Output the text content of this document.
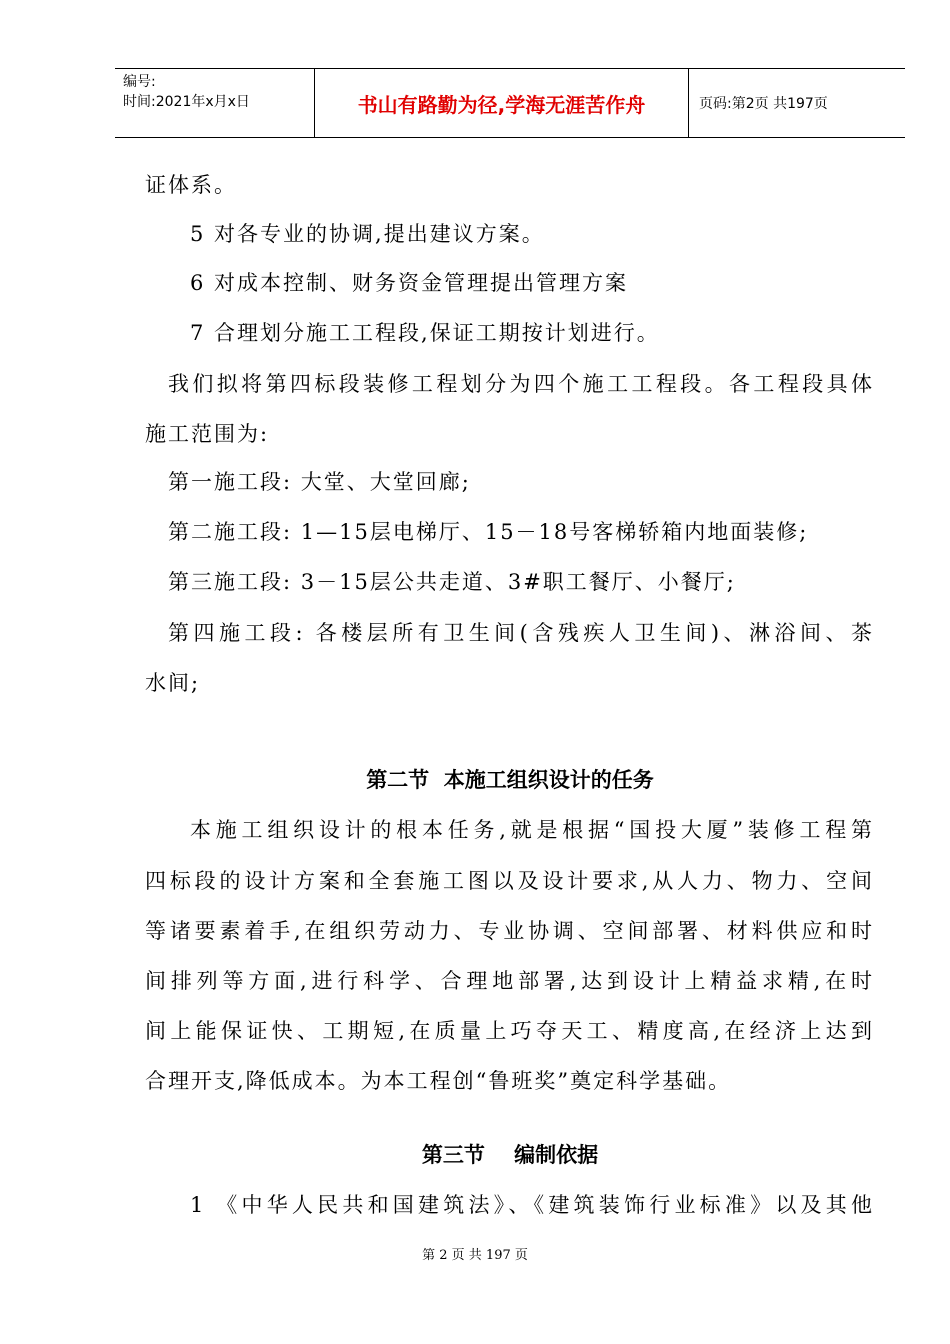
编号:
时间:2021年x月x日	书山有路勤为径,学海无涯苦作舟	页码:第2页 共197页
证体系。
5 对各专业的协调,提出建议方案。
6 对成本控制、财务资金管理提出管理方案
7 合理划分施工工程段,保证工期按计划进行。
我们拟将第四标段装修工程划分为四个施工工程段。各工程段具体
施工范围为:
第一施工段: 大堂、大堂回廊;
第二施工段: 1—15层电梯厅、15－18号客梯轿箱内地面装修;
第三施工段: 3－15层公共走道、3#职工餐厅、小餐厅;
第四施工段: 各楼层所有卫生间(含残疾人卫生间)、淋浴间、茶
水间;
第二节  本施工组织设计的任务
本施工组织设计的根本任务,就是根据“国投大厦”装修工程第
四标段的设计方案和全套施工图以及设计要求,从人力、物力、空间
等诸要素着手,在组织劳动力、专业协调、空间部署、材料供应和时
间排列等方面,进行科学、合理地部署,达到设计上精益求精,在时
间上能保证快、工期短,在质量上巧夺天工、精度高,在经济上达到
合理开支,降低成本。为本工程创“鲁班奖”奠定科学基础。
第三节    编制依据
1 《中华人民共和国建筑法》、《建筑装饰行业标准》以及其他
第 2 页 共 197 页
